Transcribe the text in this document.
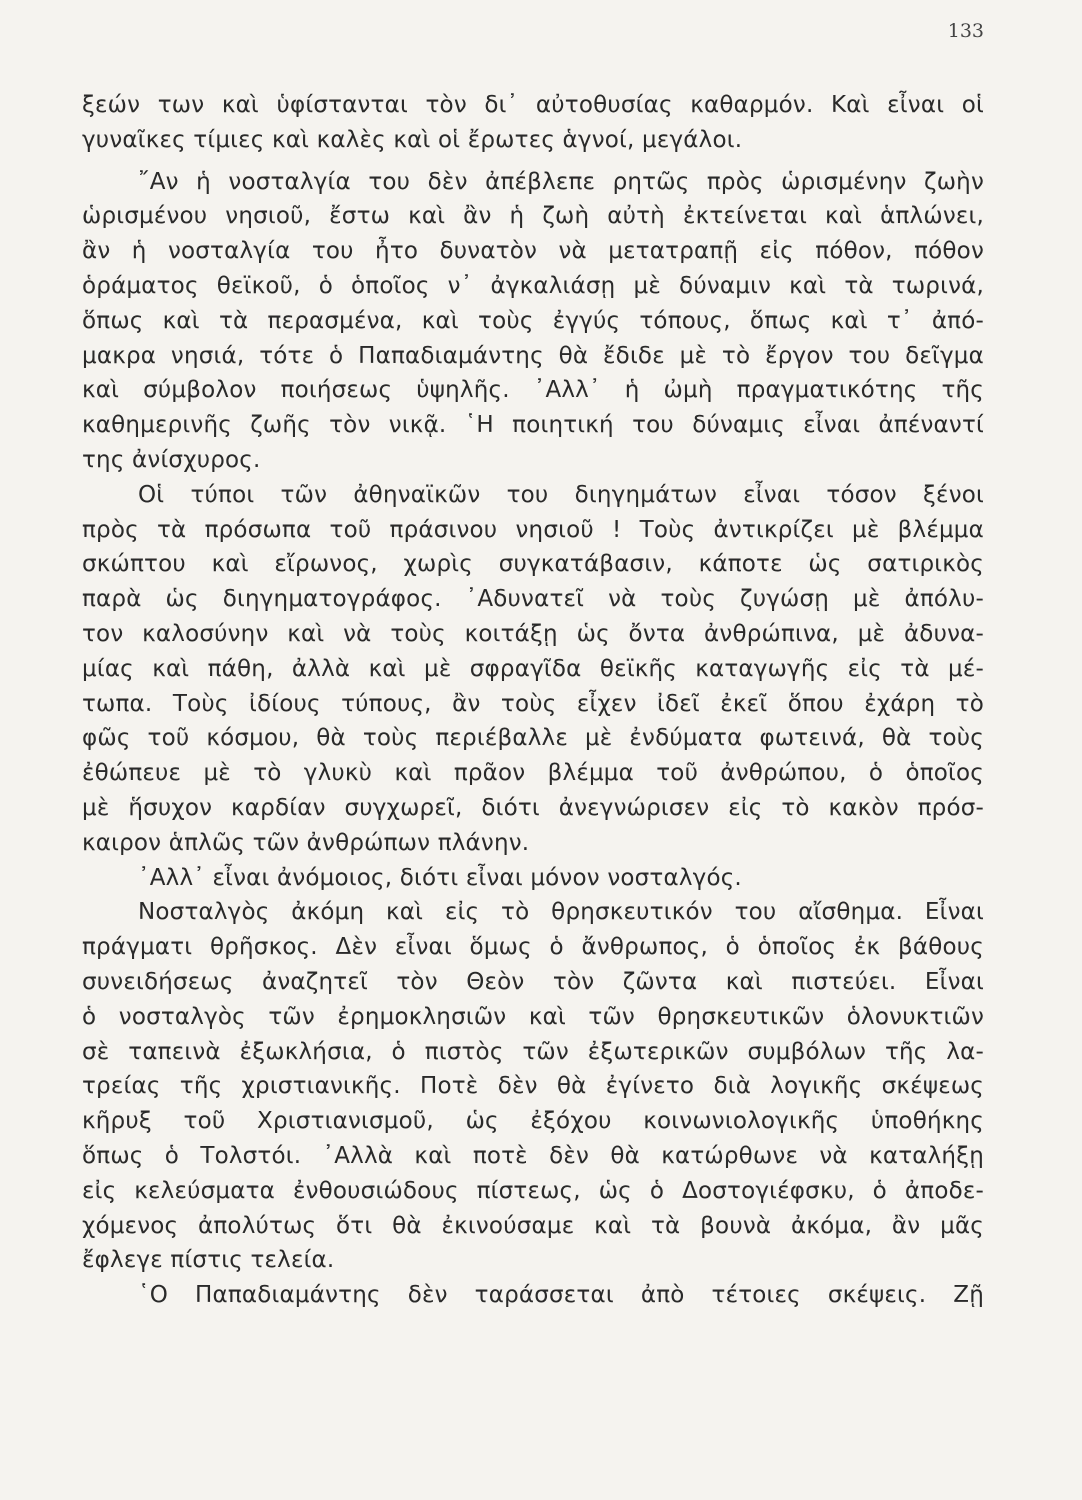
133
ξεών των καὶ ὑφίστανται τὸν δι᾽ αὐτοθυσίας καθαρμόν. Καὶ εἶναι οἱ
γυναῖκες τίμιες καὶ καλὲς καὶ οἱ ἔρωτες ἁγνοί, μεγάλοι.
῎Αν ἡ νοσταλγία του δὲν ἀπέβλεπε ρητῶς πρὸς ὡρισμένην ζωὴν
ὡρισμένου νησιοῦ, ἔστω καὶ ἂν ἡ ζωὴ αὐτὴ ἐκτείνεται καὶ ἁπλώνει,
ἂν ἡ νοσταλγία του ἦτο δυνατὸν νὰ μετατραπῇ εἰς πόθον, πόθον
ὁράματος θεϊκοῦ, ὁ ὁποῖος ν᾽ ἀγκαλιάσῃ μὲ δύναμιν καὶ τὰ τωρινά,
ὅπως καὶ τὰ περασμένα, καὶ τοὺς ἐγγύς τόπους, ὅπως καὶ τ᾽ ἀπό-
μακρα νησιά, τότε ὁ Παπαδιαμάντης θὰ ἔδιδε μὲ τὸ ἔργον του δεῖγμα
καὶ σύμβολον ποιήσεως ὑψηλῆς. ᾽Αλλ᾽ ἡ ὠμὴ πραγματικότης τῆς
καθημερινῆς ζωῆς τὸν νικᾷ. ῾Η ποιητική του δύναμις εἶναι ἀπέναντί
της ἀνίσχυρος.
Οἱ τύποι τῶν ἀθηναϊκῶν του διηγημάτων εἶναι τόσον ξένοι
πρὸς τὰ πρόσωπα τοῦ πράσινου νησιοῦ ! Τοὺς ἀντικρίζει μὲ βλέμμα
σκώπτου καὶ εἴρωνος, χωρὶς συγκατάβασιν, κάποτε ὡς σατιρικὸς
παρὰ ὡς διηγηματογράφος. ᾽Αδυνατεῖ νὰ τοὺς ζυγώσῃ μὲ ἀπόλυ-
τον καλοσύνην καὶ νὰ τοὺς κοιτάξῃ ὡς ὄντα ἀνθρώπινα, μὲ ἀδυνα-
μίας καὶ πάθη, ἀλλὰ καὶ μὲ σφραγῖδα θεϊκῆς καταγωγῆς εἰς τὰ μέ-
τωπα. Τοὺς ἰδίους τύπους, ἂν τοὺς εἶχεν ἰδεῖ ἐκεῖ ὅπου ἐχάρη τὸ
φῶς τοῦ κόσμου, θὰ τοὺς περιέβαλλε μὲ ἐνδύματα φωτεινά, θὰ τοὺς
ἐθώπευε μὲ τὸ γλυκὺ καὶ πρᾶον βλέμμα τοῦ ἀνθρώπου, ὁ ὁποῖος
μὲ ἥσυχον καρδίαν συγχωρεῖ, διότι ἀνεγνώρισεν εἰς τὸ κακὸν πρόσ-
καιρον ἁπλῶς τῶν ἀνθρώπων πλάνην.
᾽Αλλ᾽ εἶναι ἀνόμοιος, διότι εἶναι μόνον νοσταλγός.
Νοσταλγὸς ἀκόμη καὶ εἰς τὸ θρησκευτικόν του αἴσθημα. Εἶναι
πράγματι θρῆσκος. Δὲν εἶναι ὅμως ὁ ἄνθρωπος, ὁ ὁποῖος ἐκ βάθους
συνειδήσεως ἀναζητεῖ τὸν Θεὸν τὸν ζῶντα καὶ πιστεύει. Εἶναι
ὁ νοσταλγὸς τῶν ἐρημοκλησιῶν καὶ τῶν θρησκευτικῶν ὁλονυκτιῶν
σὲ ταπεινὰ ἐξωκλήσια, ὁ πιστὸς τῶν ἐξωτερικῶν συμβόλων τῆς λα-
τρείας τῆς χριστιανικῆς. Ποτὲ δὲν θὰ ἐγίνετο διὰ λογικῆς σκέψεως
κῆρυξ τοῦ Χριστιανισμοῦ, ὡς ἐξόχου κοινωνιολογικῆς ὑποθήκης
ὅπως ὁ Τολστόι. ᾽Αλλὰ καὶ ποτὲ δὲν θὰ κατώρθωνε νὰ καταλήξῃ
εἰς κελεύσματα ἐνθουσιώδους πίστεως, ὡς ὁ Δοστογιέφσκυ, ὁ ἀποδε-
χόμενος ἀπολύτως ὅτι θὰ ἐκινούσαμε καὶ τὰ βουνὰ ἀκόμα, ἂν μᾶς
ἔφλεγε πίστις τελεία.
῾Ο Παπαδιαμάντης δὲν ταράσσεται ἀπὸ τέτοιες σκέψεις. Ζῇ
